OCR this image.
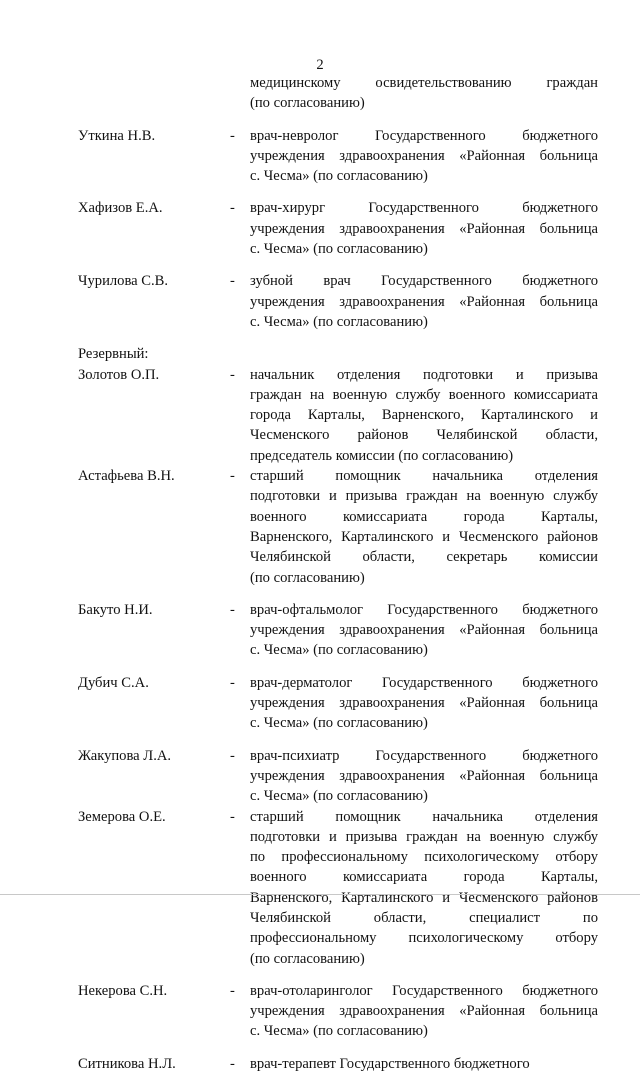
2
медицинскому освидетельствованию граждан
(по согласованию)
Уткина Н.В.	-	врач-невролог Государственного бюджетного
учреждения здравоохранения «Районная больница
с. Чесма» (по согласованию)
Хафизов Е.А.	-	врач-хирург Государственного бюджетного
учреждения здравоохранения «Районная больница
с. Чесма» (по согласованию)
Чурилова С.В.	-	зубной врач Государственного бюджетного
учреждения здравоохранения «Районная больница
с. Чесма» (по согласованию)
Резервный:
Золотов О.П.	-	начальник отделения подготовки и призыва
граждан на военную службу военного комиссариата
города Карталы, Варненского, Карталинского и
Чесменского районов Челябинской области,
председатель комиссии (по согласованию)
Астафьева В.Н.	-	старший помощник начальника отделения
подготовки и призыва граждан на военную службу
военного комиссариата города Карталы,
Варненского, Карталинского и Чесменского районов
Челябинской области, секретарь комиссии
(по согласованию)
Бакуто Н.И.	-	врач-офтальмолог Государственного бюджетного
учреждения здравоохранения «Районная больница
с. Чесма» (по согласованию)
Дубич С.А.	-	врач-дерматолог Государственного бюджетного
учреждения здравоохранения «Районная больница
с. Чесма» (по согласованию)
Жакупова Л.А.	-	врач-психиатр Государственного бюджетного
учреждения здравоохранения «Районная больница
с. Чесма» (по согласованию)
Земерова О.Е.	-	старший помощник начальника отделения
подготовки и призыва граждан на военную службу
по профессиональному психологическому отбору
военного комиссариата города Карталы,
Варненского, Карталинского и Чесменского районов
Челябинской области, специалист по
профессиональному психологическому отбору
(по согласованию)
Некерова С.Н.	-	врач-отоларинголог Государственного бюджетного
учреждения здравоохранения «Районная больница
с. Чесма» (по согласованию)
Ситникова Н.Л.	-	врач-терапевт Государственного бюджетного
